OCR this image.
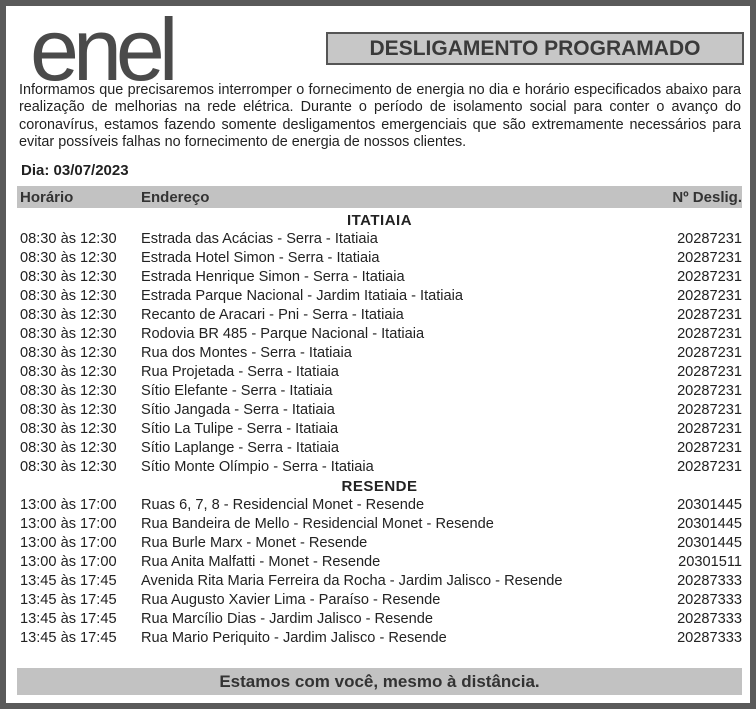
enel	DESLIGAMENTO PROGRAMADO
Informamos que precisaremos interromper o fornecimento de energia no dia e horário especificados abaixo para realização de melhorias na rede elétrica. Durante o período de isolamento social para conter o avanço do coronavírus, estamos fazendo somente desligamentos emergenciais que são extremamente necessários para evitar possíveis falhas no fornecimento de energia de nossos clientes.
Dia: 03/07/2023
Horário	Endereço	Nº Deslig.
ITATIAIA
08:30 às 12:30 Estrada das Acácias - Serra - Itatiaia	20287231
08:30 às 12:30 Estrada Hotel Simon - Serra - Itatiaia	20287231
08:30 às 12:30 Estrada Henrique Simon - Serra - Itatiaia	20287231
08:30 às 12:30 Estrada Parque Nacional - Jardim Itatiaia - Itatiaia	20287231
08:30 às 12:30 Recanto de Aracari - Pni - Serra - Itatiaia	20287231
08:30 às 12:30 Rodovia BR 485 - Parque Nacional - Itatiaia	20287231
08:30 às 12:30 Rua dos Montes - Serra - Itatiaia	20287231
08:30 às 12:30 Rua Projetada - Serra - Itatiaia	20287231
08:30 às 12:30 Sítio Elefante - Serra - Itatiaia	20287231
08:30 às 12:30 Sítio Jangada - Serra - Itatiaia	20287231
08:30 às 12:30 Sítio La Tulipe - Serra - Itatiaia	20287231
08:30 às 12:30 Sítio Laplange - Serra - Itatiaia	20287231
08:30 às 12:30 Sítio Monte Olímpio - Serra - Itatiaia	20287231
RESENDE
13:00 às 17:00 Ruas 6, 7, 8 - Residencial Monet - Resende	20301445
13:00 às 17:00 Rua Bandeira de Mello - Residencial Monet - Resende	20301445
13:00 às 17:00 Rua Burle Marx - Monet - Resende	20301445
13:00 às 17:00 Rua Anita Malfatti - Monet - Resende	20301511
13:45 às 17:45 Avenida Rita Maria Ferreira da Rocha - Jardim Jalisco - Resende	20287333
13:45 às 17:45 Rua Augusto Xavier Lima - Paraíso - Resende	20287333
13:45 às 17:45 Rua Marcílio Dias - Jardim Jalisco - Resende	20287333
13:45 às 17:45 Rua Mario Periquito - Jardim Jalisco - Resende	20287333
Estamos com você, mesmo à distância.
